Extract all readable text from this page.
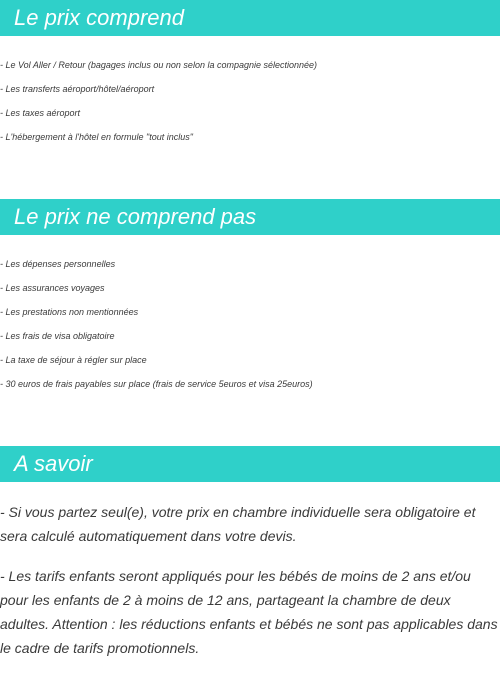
Le prix comprend
- Le Vol Aller / Retour (bagages inclus ou non selon la compagnie sélectionnée)
- Les transferts aéroport/hôtel/aéroport
- Les taxes aéroport
- L'hébergement à l'hôtel en formule "tout inclus"
Le prix ne comprend pas
- Les dépenses personnelles
- Les assurances voyages
- Les prestations non mentionnées
- Les frais de visa obligatoire
- La taxe de séjour à régler sur place
- 30 euros de frais payables sur place (frais de service 5euros et visa 25euros)
A savoir

- Si vous partez seul(e), votre prix en chambre individuelle sera obligatoire et sera calculé automatiquement dans votre devis.

- Les tarifs enfants seront appliqués pour les bébés de moins de 2 ans et/ou pour les enfants de 2 à moins de 12 ans, partageant la chambre de deux adultes. Attention : les réductions enfants et bébés ne sont pas applicables dans le cadre de tarifs promotionnels.
